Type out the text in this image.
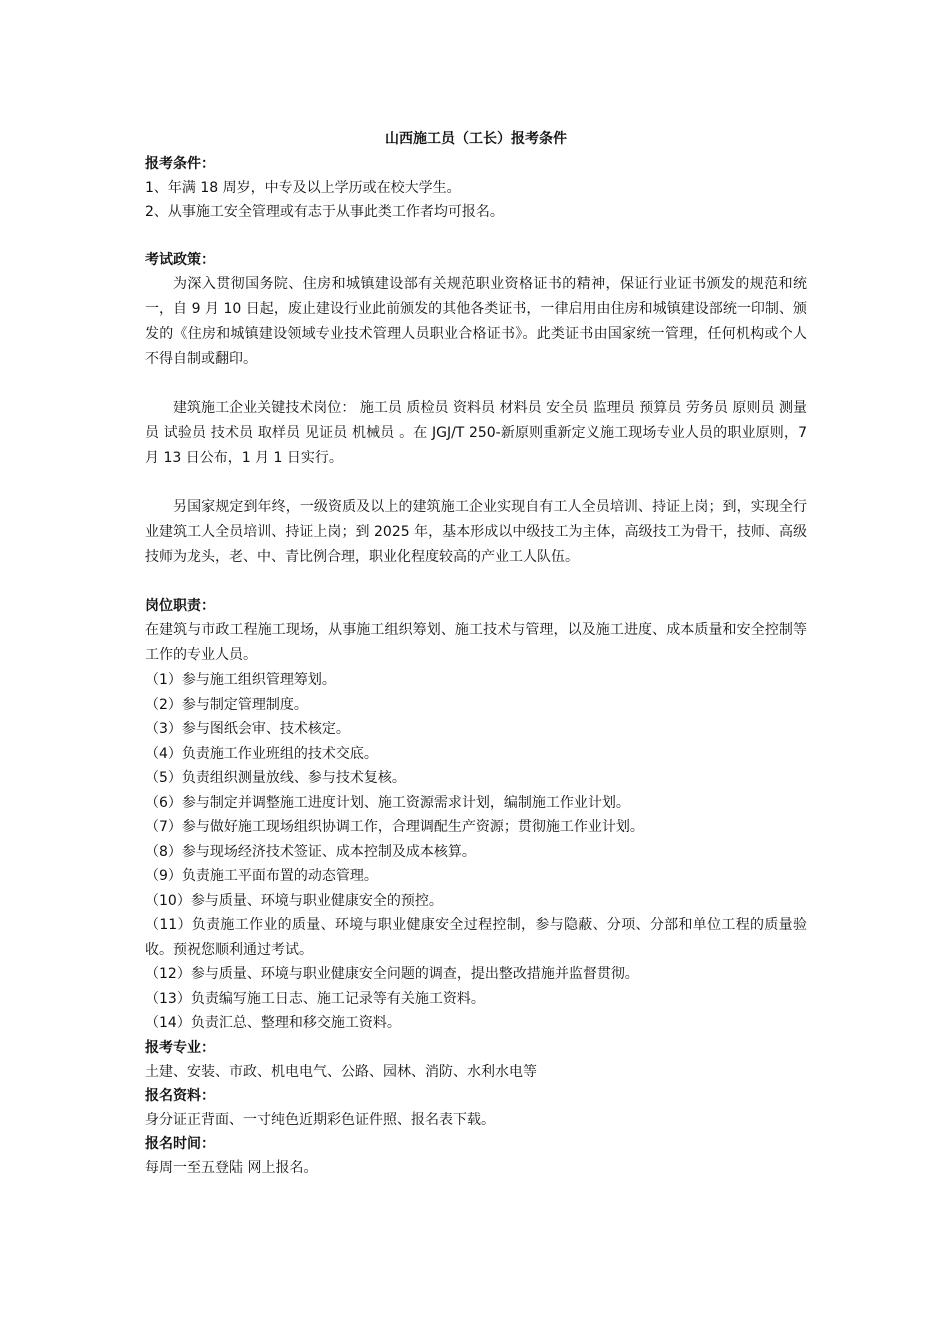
山西施工员（工长）报考条件
报考条件：
1、年满 18 周岁，中专及以上学历或在校大学生。
2、从事施工安全管理或有志于从事此类工作者均可报名。
考试政策：
为深入贯彻国务院、住房和城镇建设部有关规范职业资格证书的精神，保证行业证书颁发的规范和统一，自 9 月 10 日起，废止建设行业此前颁发的其他各类证书，一律启用由住房和城镇建设部统一印制、颁发的《住房和城镇建设领域专业技术管理人员职业合格证书》。此类证书由国家统一管理，任何机构或个人不得自制或翻印。
建筑施工企业关键技术岗位： 施工员 质检员 资料员 材料员 安全员 监理员 预算员 劳务员 原则员 测量员 试验员 技术员 取样员 见证员 机械员 。在 JGJ/T 250-新原则重新定义施工现场专业人员的职业原则，7 月 13 日公布，1 月 1 日实行。
另国家规定到年终，一级资质及以上的建筑施工企业实现自有工人全员培训、持证上岗；到，实现全行业建筑工人全员培训、持证上岗；到 2025 年，基本形成以中级技工为主体，高级技工为骨干，技师、高级技师为龙头，老、中、青比例合理，职业化程度较高的产业工人队伍。
岗位职责：
在建筑与市政工程施工现场，从事施工组织筹划、施工技术与管理，以及施工进度、成本质量和安全控制等工作的专业人员。
（1）参与施工组织管理筹划。
（2）参与制定管理制度。
（3）参与图纸会审、技术核定。
（4）负责施工作业班组的技术交底。
（5）负责组织测量放线、参与技术复核。
（6）参与制定并调整施工进度计划、施工资源需求计划，编制施工作业计划。
（7）参与做好施工现场组织协调工作，合理调配生产资源；贯彻施工作业计划。
（8）参与现场经济技术签证、成本控制及成本核算。
（9）负责施工平面布置的动态管理。
（10）参与质量、环境与职业健康安全的预控。
（11）负责施工作业的质量、环境与职业健康安全过程控制，参与隐蔽、分项、分部和单位工程的质量验收。预祝您顺利通过考试。
（12）参与质量、环境与职业健康安全问题的调查，提出整改措施并监督贯彻。
（13）负责编写施工日志、施工记录等有关施工资料。
（14）负责汇总、整理和移交施工资料。
报考专业：
土建、安装、市政、机电电气、公路、园林、消防、水利水电等
报名资料：
身分证正背面、一寸纯色近期彩色证件照、报名表下载。
报名时间：
每周一至五登陆 网上报名。
